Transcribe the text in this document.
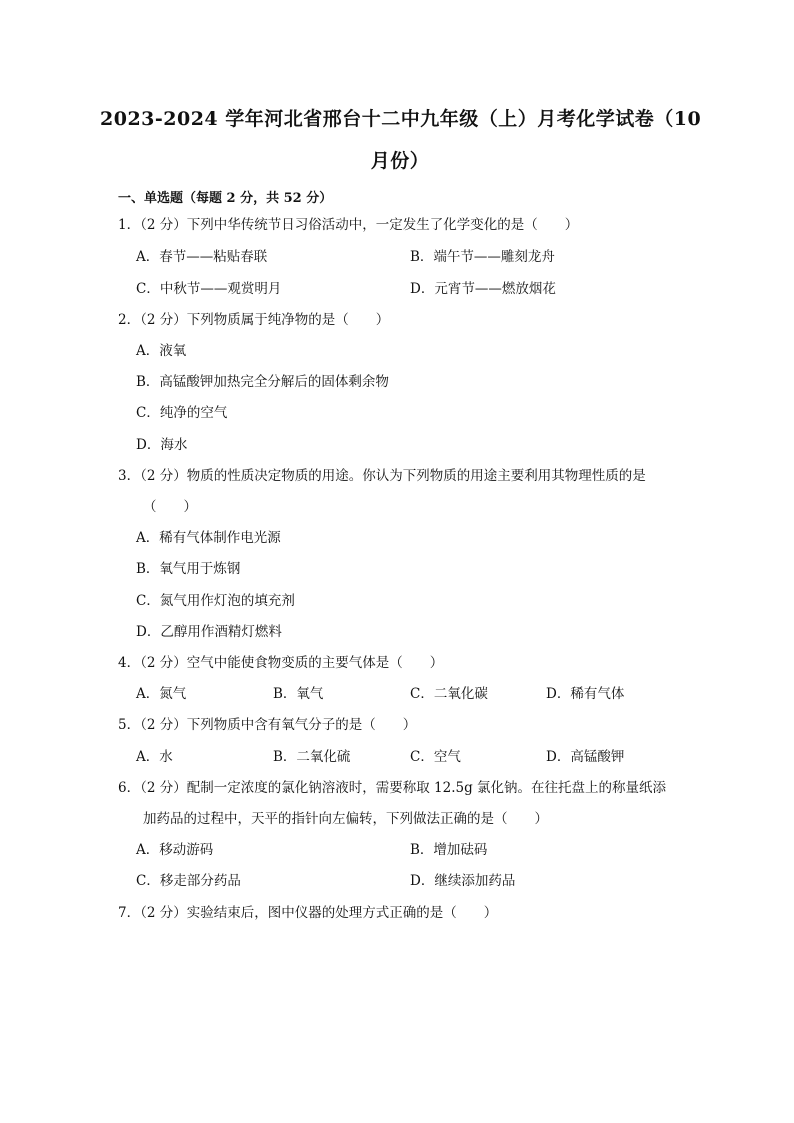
2023-2024 学年河北省邢台十二中九年级（上）月考化学试卷（10
月份）
一、单选题（每题 2 分，共 52 分）
1．（2 分）下列中华传统节日习俗活动中，一定发生了化学变化的是（　　）
A．春节——粘贴春联	B．端午节——雕刻龙舟
C．中秋节——观赏明月	D．元宵节——燃放烟花
2．（2 分）下列物质属于纯净物的是（　　）
A．液氧
B．高锰酸钾加热完全分解后的固体剩余物
C．纯净的空气
D．海水
3．（2 分）物质的性质决定物质的用途。你认为下列物质的用途主要利用其物理性质的是
（　　）
A．稀有气体制作电光源
B．氧气用于炼钢
C．氮气用作灯泡的填充剂
D．乙醇用作酒精灯燃料
4．（2 分）空气中能使食物变质的主要气体是（　　）
A．氮气	B．氧气	C．二氧化碳	D．稀有气体
5．（2 分）下列物质中含有氧气分子的是（　　）
A．水	B．二氧化硫	C．空气	D．高锰酸钾
6．（2 分）配制一定浓度的氯化钠溶液时，需要称取 12.5g 氯化钠。在往托盘上的称量纸添
加药品的过程中，天平的指针向左偏转，下列做法正确的是（　　）
A．移动游码	B．增加砝码
C．移走部分药品	D．继续添加药品
7．（2 分）实验结束后，图中仪器的处理方式正确的是（　　）
